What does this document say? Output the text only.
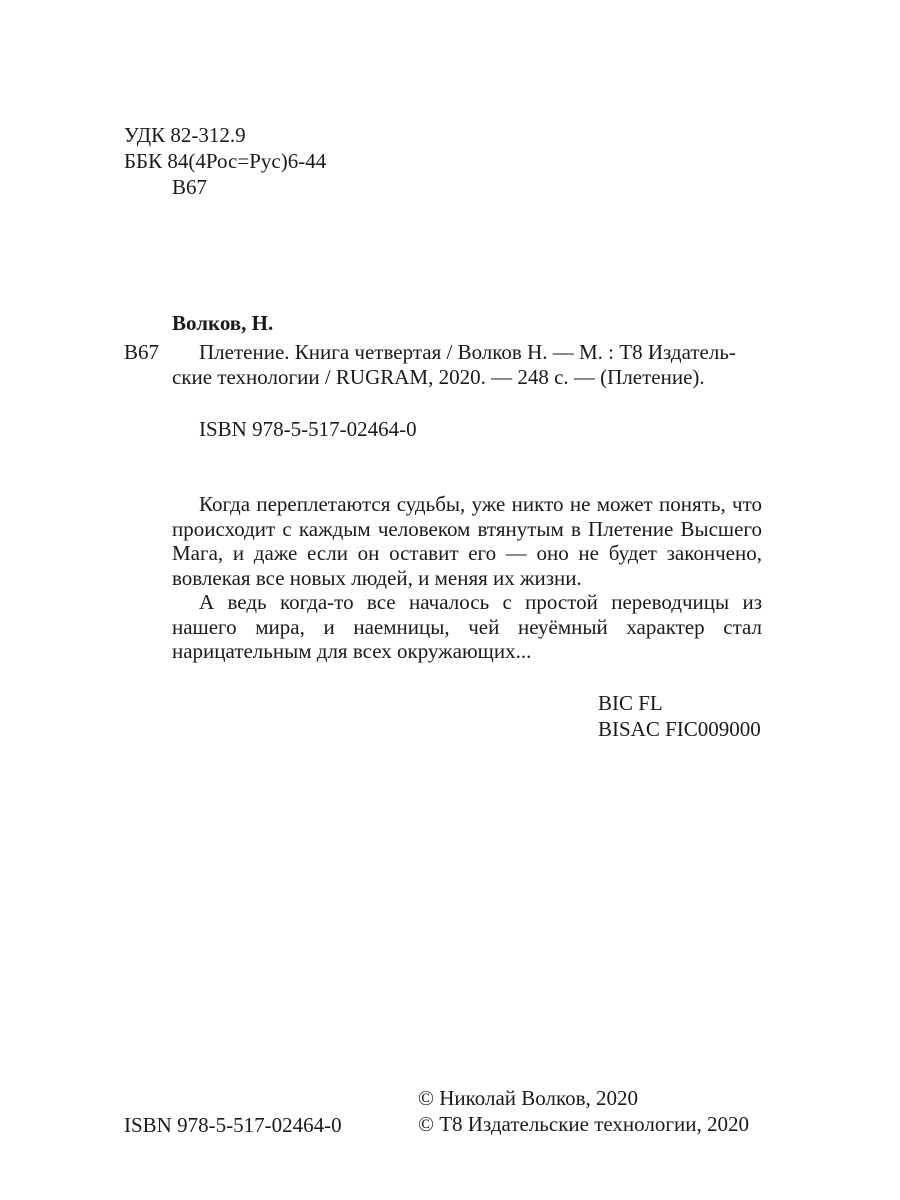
УДК 82-312.9
ББК 84(4Рос=Рус)6-44
В67
Волков, Н.
В67 Плетение. Книга четвертая / Волков Н. — М. : Т8 Издатель-
ские технологии / RUGRAM, 2020. — 248 с. — (Плетение).
ISBN 978-5-517-02464-0

Когда переплетаются судьбы, уже никто не может понять, что происходит с каждым человеком втянутым в Плетение Высшего Мага, и даже если он оставит его — оно не будет закончено, вовлекая все новых людей, и меняя их жизни.

А ведь когда-то все началось с простой переводчицы из нашего мира, и наемницы, чей неуёмный характер стал нарицательным для всех окружающих...

BIC FL
BISAC FIC009000
ISBN 978-5-517-02464-0
© Николай Волков, 2020
© Т8 Издательские технологии, 2020
